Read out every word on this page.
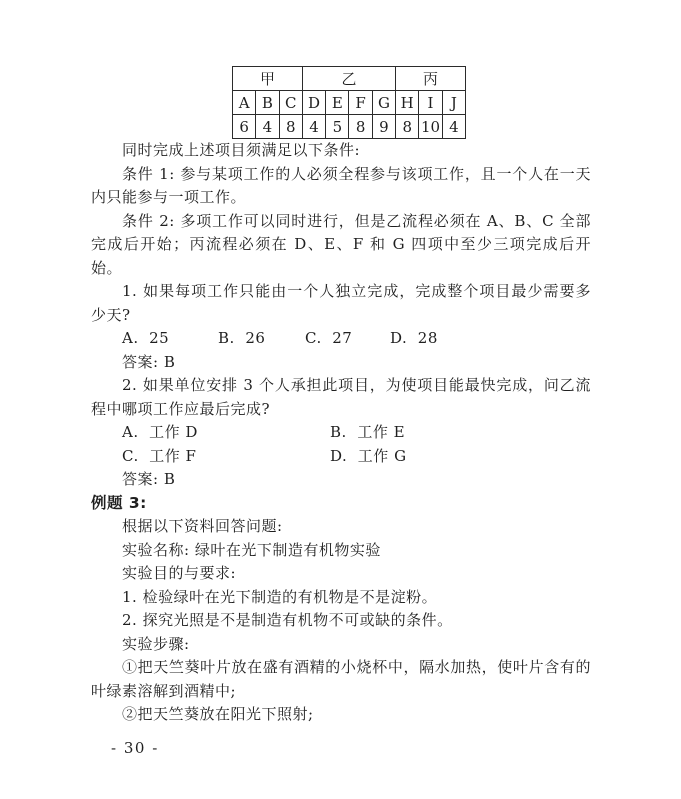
甲			乙				丙		
A	B	C	D	E	F	G	H	I	J
6	4	8	4	5	8	9	8	10	4

同时完成上述项目须满足以下条件:

条件 1: 参与某项工作的人必须全程参与该项工作，且一个人在一天内只能参与一项工作。

条件 2: 多项工作可以同时进行，但是乙流程必须在 A、B、C 全部完成后开始；丙流程必须在 D、E、F 和 G 四项中至少三项完成后开始。

1. 如果每项工作只能由一个人独立完成，完成整个项目最少需要多少天?

A.  25	B.  26	C.  27	D.  28

答案: B

2. 如果单位安排 3 个人承担此项目，为使项目能最快完成，问乙流程中哪项工作应最后完成?

A.  工作 D	B.  工作 E
C.  工作 F	D.  工作 G

答案: B

例题 3:

根据以下资料回答问题:

实验名称: 绿叶在光下制造有机物实验

实验目的与要求:

1. 检验绿叶在光下制造的有机物是不是淀粉。

2. 探究光照是不是制造有机物不可或缺的条件。

实验步骤:

①把天竺葵叶片放在盛有酒精的小烧杯中，隔水加热，使叶片含有的叶绿素溶解到酒精中;

②把天竺葵放在阳光下照射;

- 30 -
